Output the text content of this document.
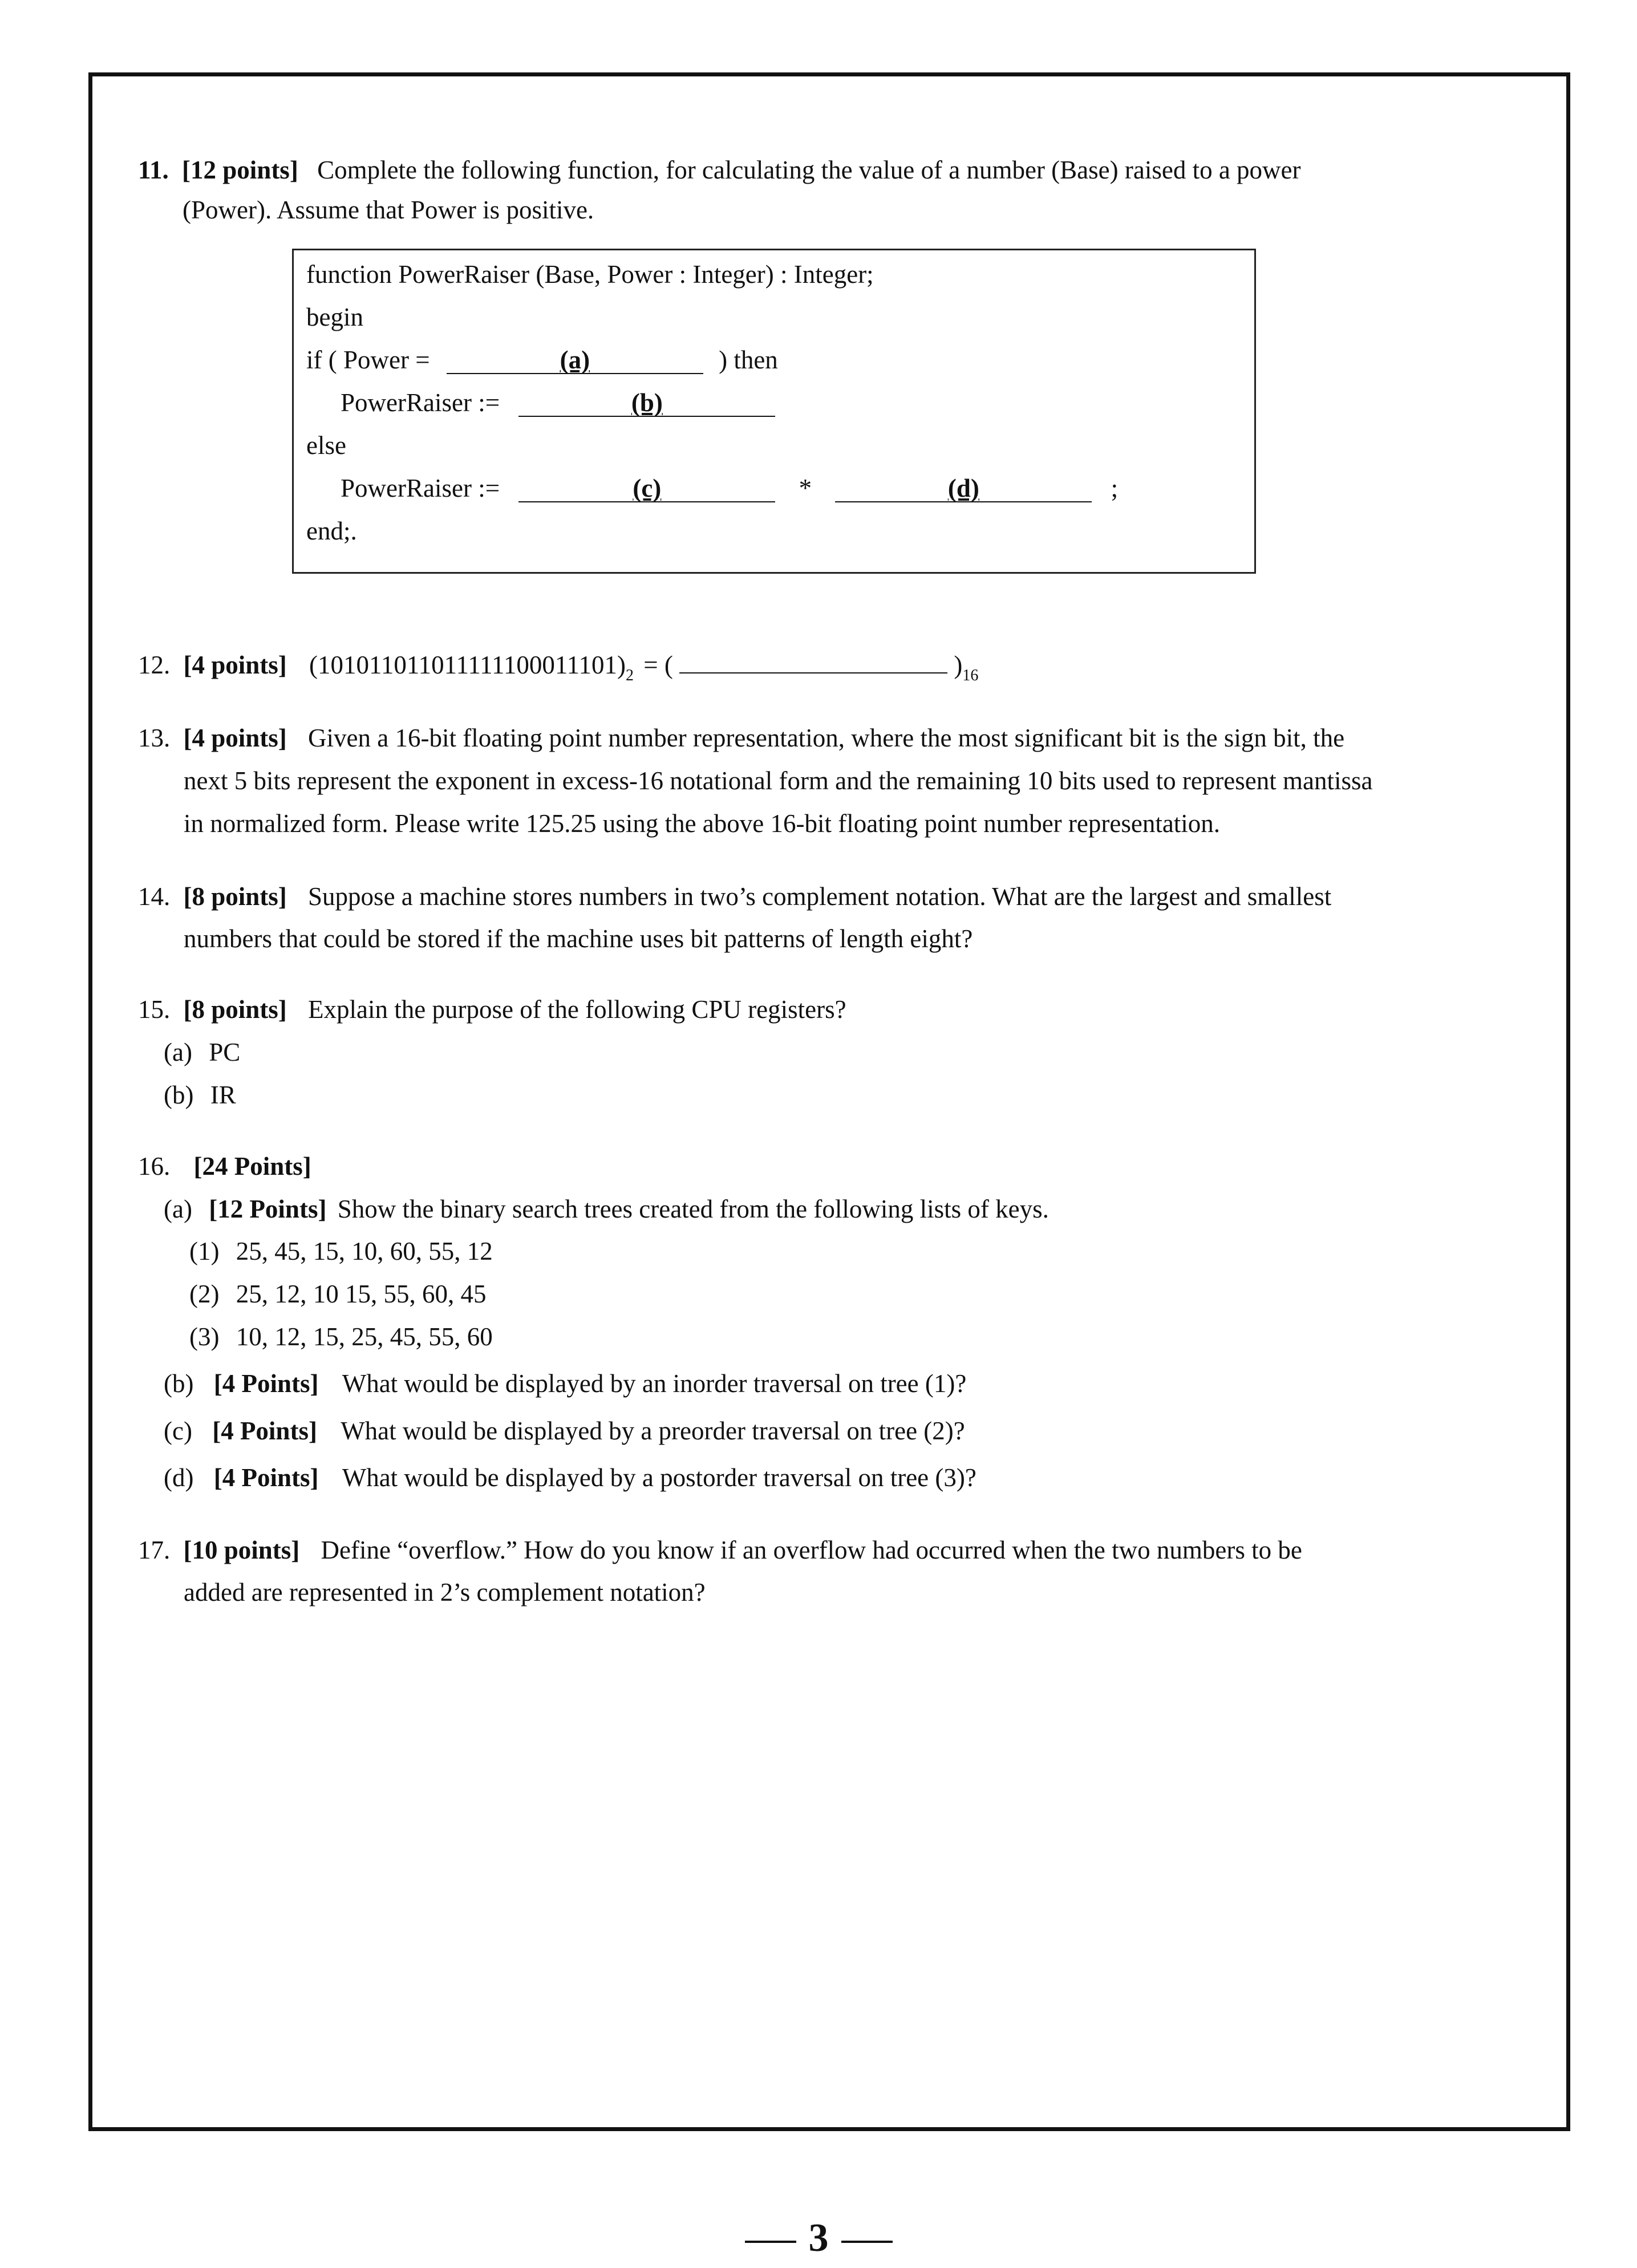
11. [12 points] Complete the following function, for calculating the value of a number (Base) raised to a power
(Power). Assume that Power is positive.
function PowerRaiser (Base, Power : Integer) : Integer;
begin
if ( Power =	(a)	) then
PowerRaiser :=	(b)
else
PowerRaiser :=	(c)	*	(d)	;
end;.
12. [4 points] $(101011011011111100011101)_2$ = (	)$_{16}$
13. [4 points] Given a 16-bit floating point number representation, where the most significant bit is the sign bit, the
next 5 bits represent the exponent in excess-16 notational form and the remaining 10 bits used to represent mantissa
in normalized form. Please write 125.25 using the above 16-bit floating point number representation.
14. [8 points] Suppose a machine stores numbers in two’s complement notation. What are the largest and smallest
numbers that could be stored if the machine uses bit patterns of length eight?
15. [8 points] Explain the purpose of the following CPU registers?
(a) PC
(b) IR
16. [24 Points]
(a) [12 Points] Show the binary search trees created from the following lists of keys.
(1) 25, 45, 15, 10, 60, 55, 12
(2) 25, 12, 10 15, 55, 60, 45
(3) 10, 12, 15, 25, 45, 55, 60
(b) [4 Points] What would be displayed by an inorder traversal on tree (1)?
(c) [4 Points] What would be displayed by a preorder traversal on tree (2)?
(d) [4 Points] What would be displayed by a postorder traversal on tree (3)?
17. [10 points] Define “overflow.” How do you know if an overflow had occurred when the two numbers to be
added are represented in 2’s complement notation?
3
